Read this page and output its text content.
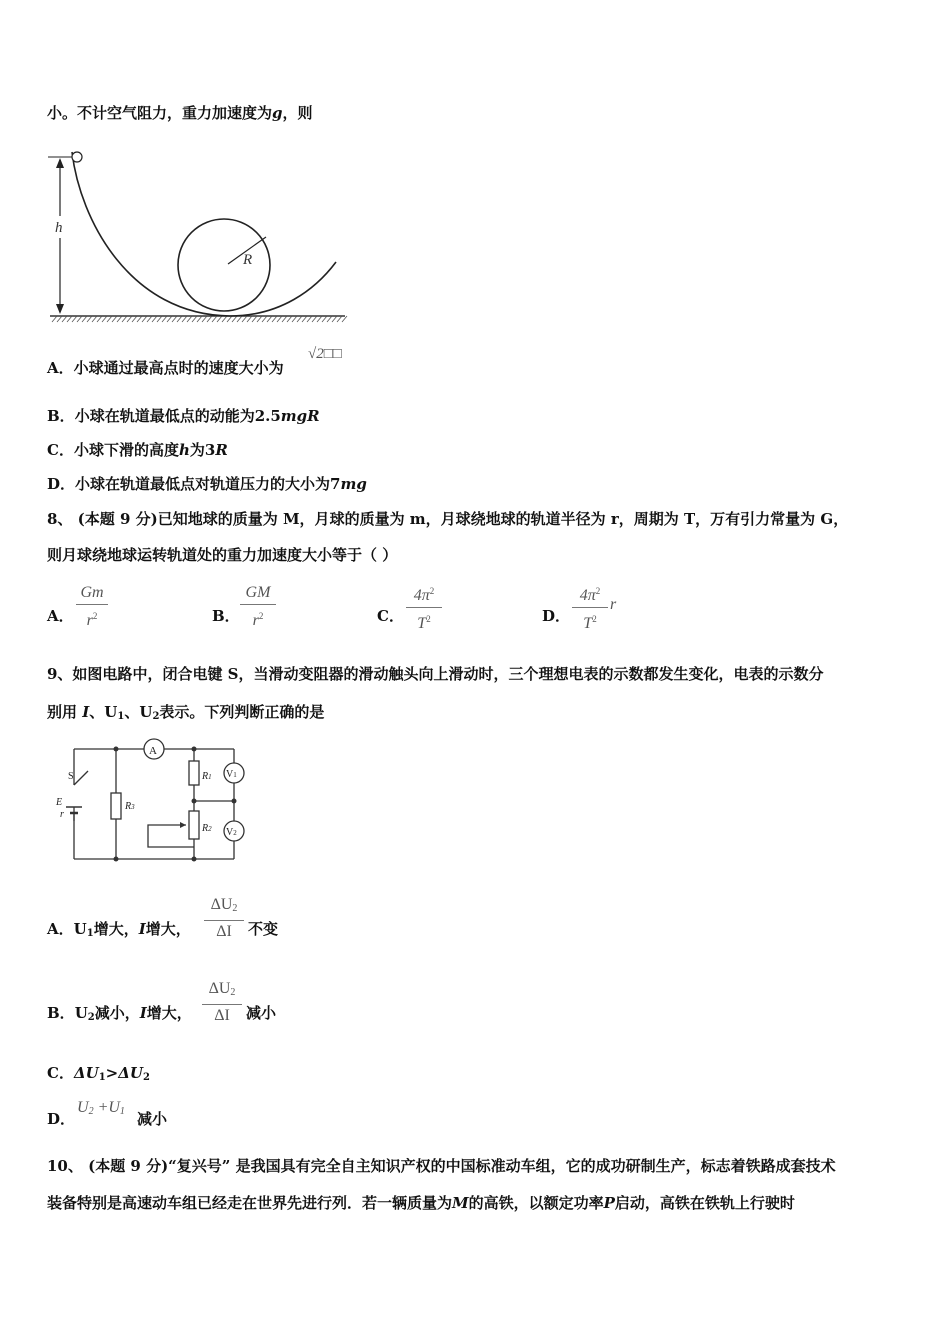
小。不计空气阻力，重力加速度为g，则
R
h
A．小球通过最高点时的速度大小为
√2□□
B．小球在轨道最低点的动能为2.5mgR
C．小球下滑的高度h为3R
D．小球在轨道最低点对轨道压力的大小为7mg
8、 (本题 9 分)已知地球的质量为 M，月球的质量为 m，月球绕地球的轨道半径为 r，周期为 T，万有引力常量为 G，
则月球绕地球运转轨道处的重力加速度大小等于（ ）
A．
Gm
$r^2$	B．
GM
$r^2$	C．
$4\pi^2$
$T^2$	D．
$4\pi^2$
$T^2$
r
9、如图电路中，闭合电键 S，当滑动变阻器的滑动触头向上滑动时，三个理想电表的示数都发生变化，电表的示数分
别用 I、$U_1$、$U_2$表示。下列判断正确的是
A
V1
V2
R1
R2
R3
S
E
r
A．$U_1$增大，I增大，
$\Delta U_2$
ΔI	不变
B．$U_2$减小，I增大，
$\Delta U_2$
ΔI	减小
C．$\Delta U_1>\Delta U_2$
D．
$U_2 +U_1$ 减小
10、 (本题 9 分)“复兴号” 是我国具有完全自主知识产权的中国标准动车组，它的成功研制生产，标志着铁路成套技术
装备特别是高速动车组已经走在世界先进行列．若一辆质量为M的高铁，以额定功率P启动，高铁在铁轨上行驶时
